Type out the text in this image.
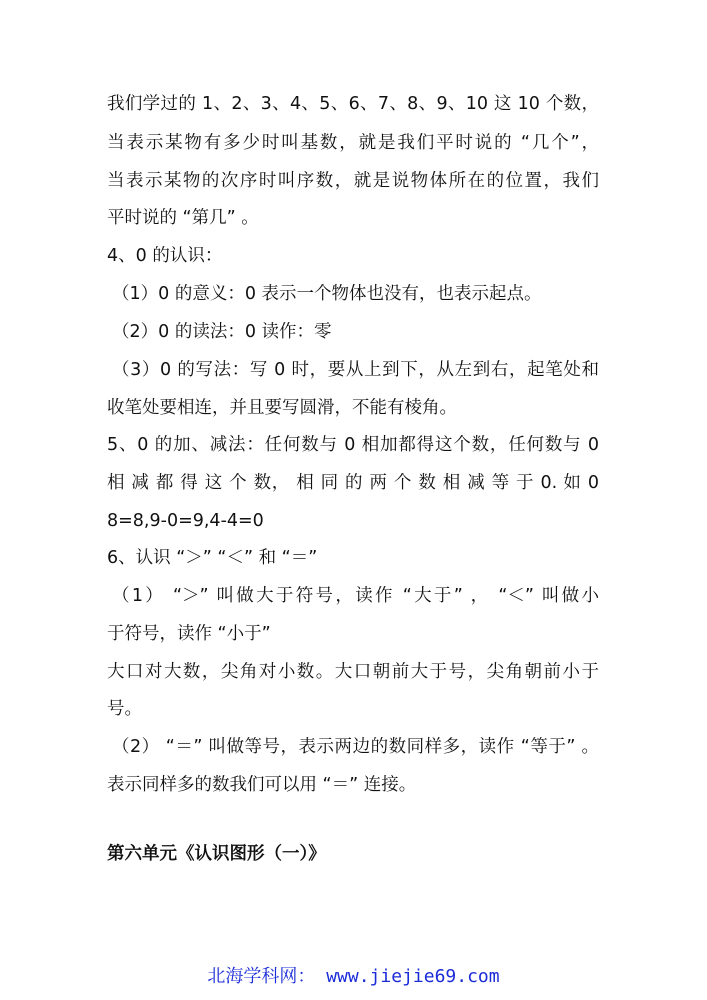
我们学过的 1、2、3、4、5、6、7、8、9、10 这 10 个数，

当表示某物有多少时叫基数，就是我们平时说的 “几个”，

当表示某物的次序时叫序数，就是说物体所在的位置，我们

平时说的 “第几” 。

4、0 的认识：

（1）0 的意义：0 表示一个物体也没有，也表示起点。

（2）0 的读法：0 读作：零

（3）0 的写法：写 0 时，要从上到下，从左到右，起笔处和

收笔处要相连，并且要写圆滑，不能有棱角。

5、0 的加、减法：任何数与 0 相加都得这个数，任何数与 0

相 减 都 得 这 个 数， 相 同 的 两 个 数 相 减 等 于 0. 如 0

8=8,9-0=9,4-4=0

6、认识 “＞” “＜” 和 “＝”

（1） “＞” 叫做大于符号，读作 “大于” ， “＜” 叫做小

于符号，读作 “小于”

大口对大数，尖角对小数。大口朝前大于号，尖角朝前小于

号。

（2） “＝” 叫做等号，表示两边的数同样多，读作 “等于” 。

表示同样多的数我们可以用 “＝” 连接。

第六单元《认识图形（一）》

北海学科网： www.jiejie69.com
